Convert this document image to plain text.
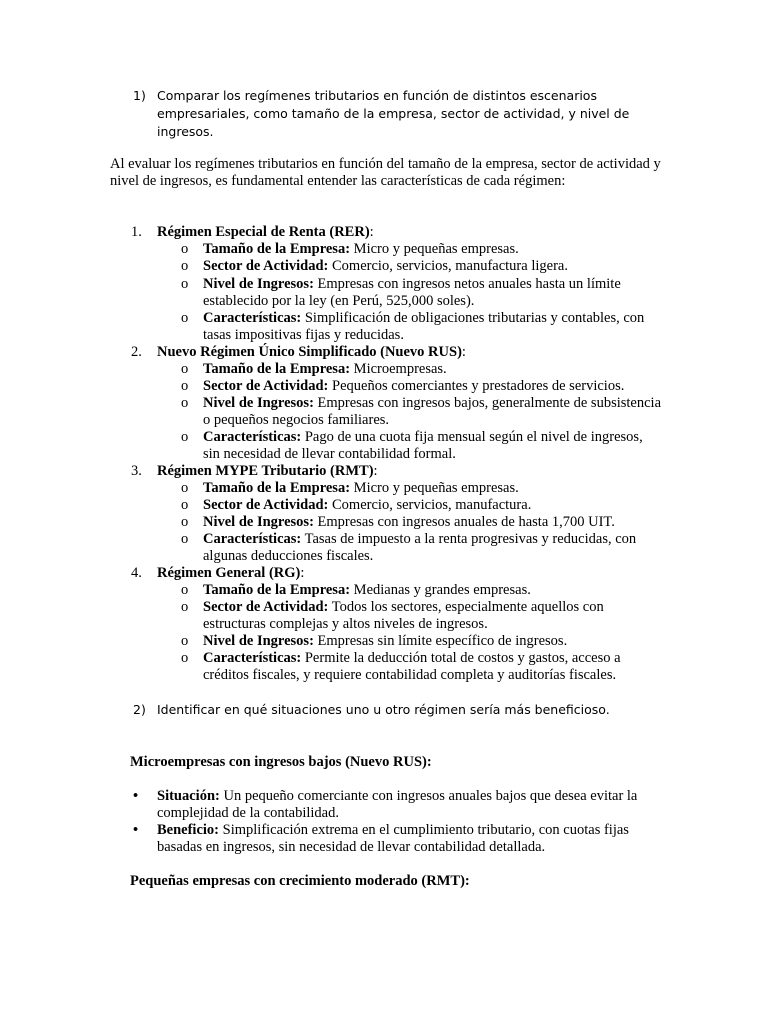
1) Comparar los regímenes tributarios en función de distintos escenarios empresariales, como tamaño de la empresa, sector de actividad, y nivel de ingresos.
Al evaluar los regímenes tributarios en función del tamaño de la empresa, sector de actividad y nivel de ingresos, es fundamental entender las características de cada régimen:
1.	Régimen Especial de Renta (RER):
o	Tamaño de la Empresa: Micro y pequeñas empresas.
o	Sector de Actividad: Comercio, servicios, manufactura ligera.
o	Nivel de Ingresos: Empresas con ingresos netos anuales hasta un límite establecido por la ley (en Perú, 525,000 soles).
o	Características: Simplificación de obligaciones tributarias y contables, con tasas impositivas fijas y reducidas.
2.	Nuevo Régimen Único Simplificado (Nuevo RUS):
o	Tamaño de la Empresa: Microempresas.
o	Sector de Actividad: Pequeños comerciantes y prestadores de servicios.
o	Nivel de Ingresos: Empresas con ingresos bajos, generalmente de subsistencia o pequeños negocios familiares.
o	Características: Pago de una cuota fija mensual según el nivel de ingresos, sin necesidad de llevar contabilidad formal.
3.	Régimen MYPE Tributario (RMT):
o	Tamaño de la Empresa: Micro y pequeñas empresas.
o	Sector de Actividad: Comercio, servicios, manufactura.
o	Nivel de Ingresos: Empresas con ingresos anuales de hasta 1,700 UIT.
o	Características: Tasas de impuesto a la renta progresivas y reducidas, con algunas deducciones fiscales.
4.	Régimen General (RG):
o	Tamaño de la Empresa: Medianas y grandes empresas.
o	Sector de Actividad: Todos los sectores, especialmente aquellos con estructuras complejas y altos niveles de ingresos.
o	Nivel de Ingresos: Empresas sin límite específico de ingresos.
o	Características: Permite la deducción total de costos y gastos, acceso a créditos fiscales, y requiere contabilidad completa y auditorías fiscales.
2) Identificar en qué situaciones uno u otro régimen sería más beneficioso.
Microempresas con ingresos bajos (Nuevo RUS):
•	Situación: Un pequeño comerciante con ingresos anuales bajos que desea evitar la complejidad de la contabilidad.
•	Beneficio: Simplificación extrema en el cumplimiento tributario, con cuotas fijas basadas en ingresos, sin necesidad de llevar contabilidad detallada.
Pequeñas empresas con crecimiento moderado (RMT):
